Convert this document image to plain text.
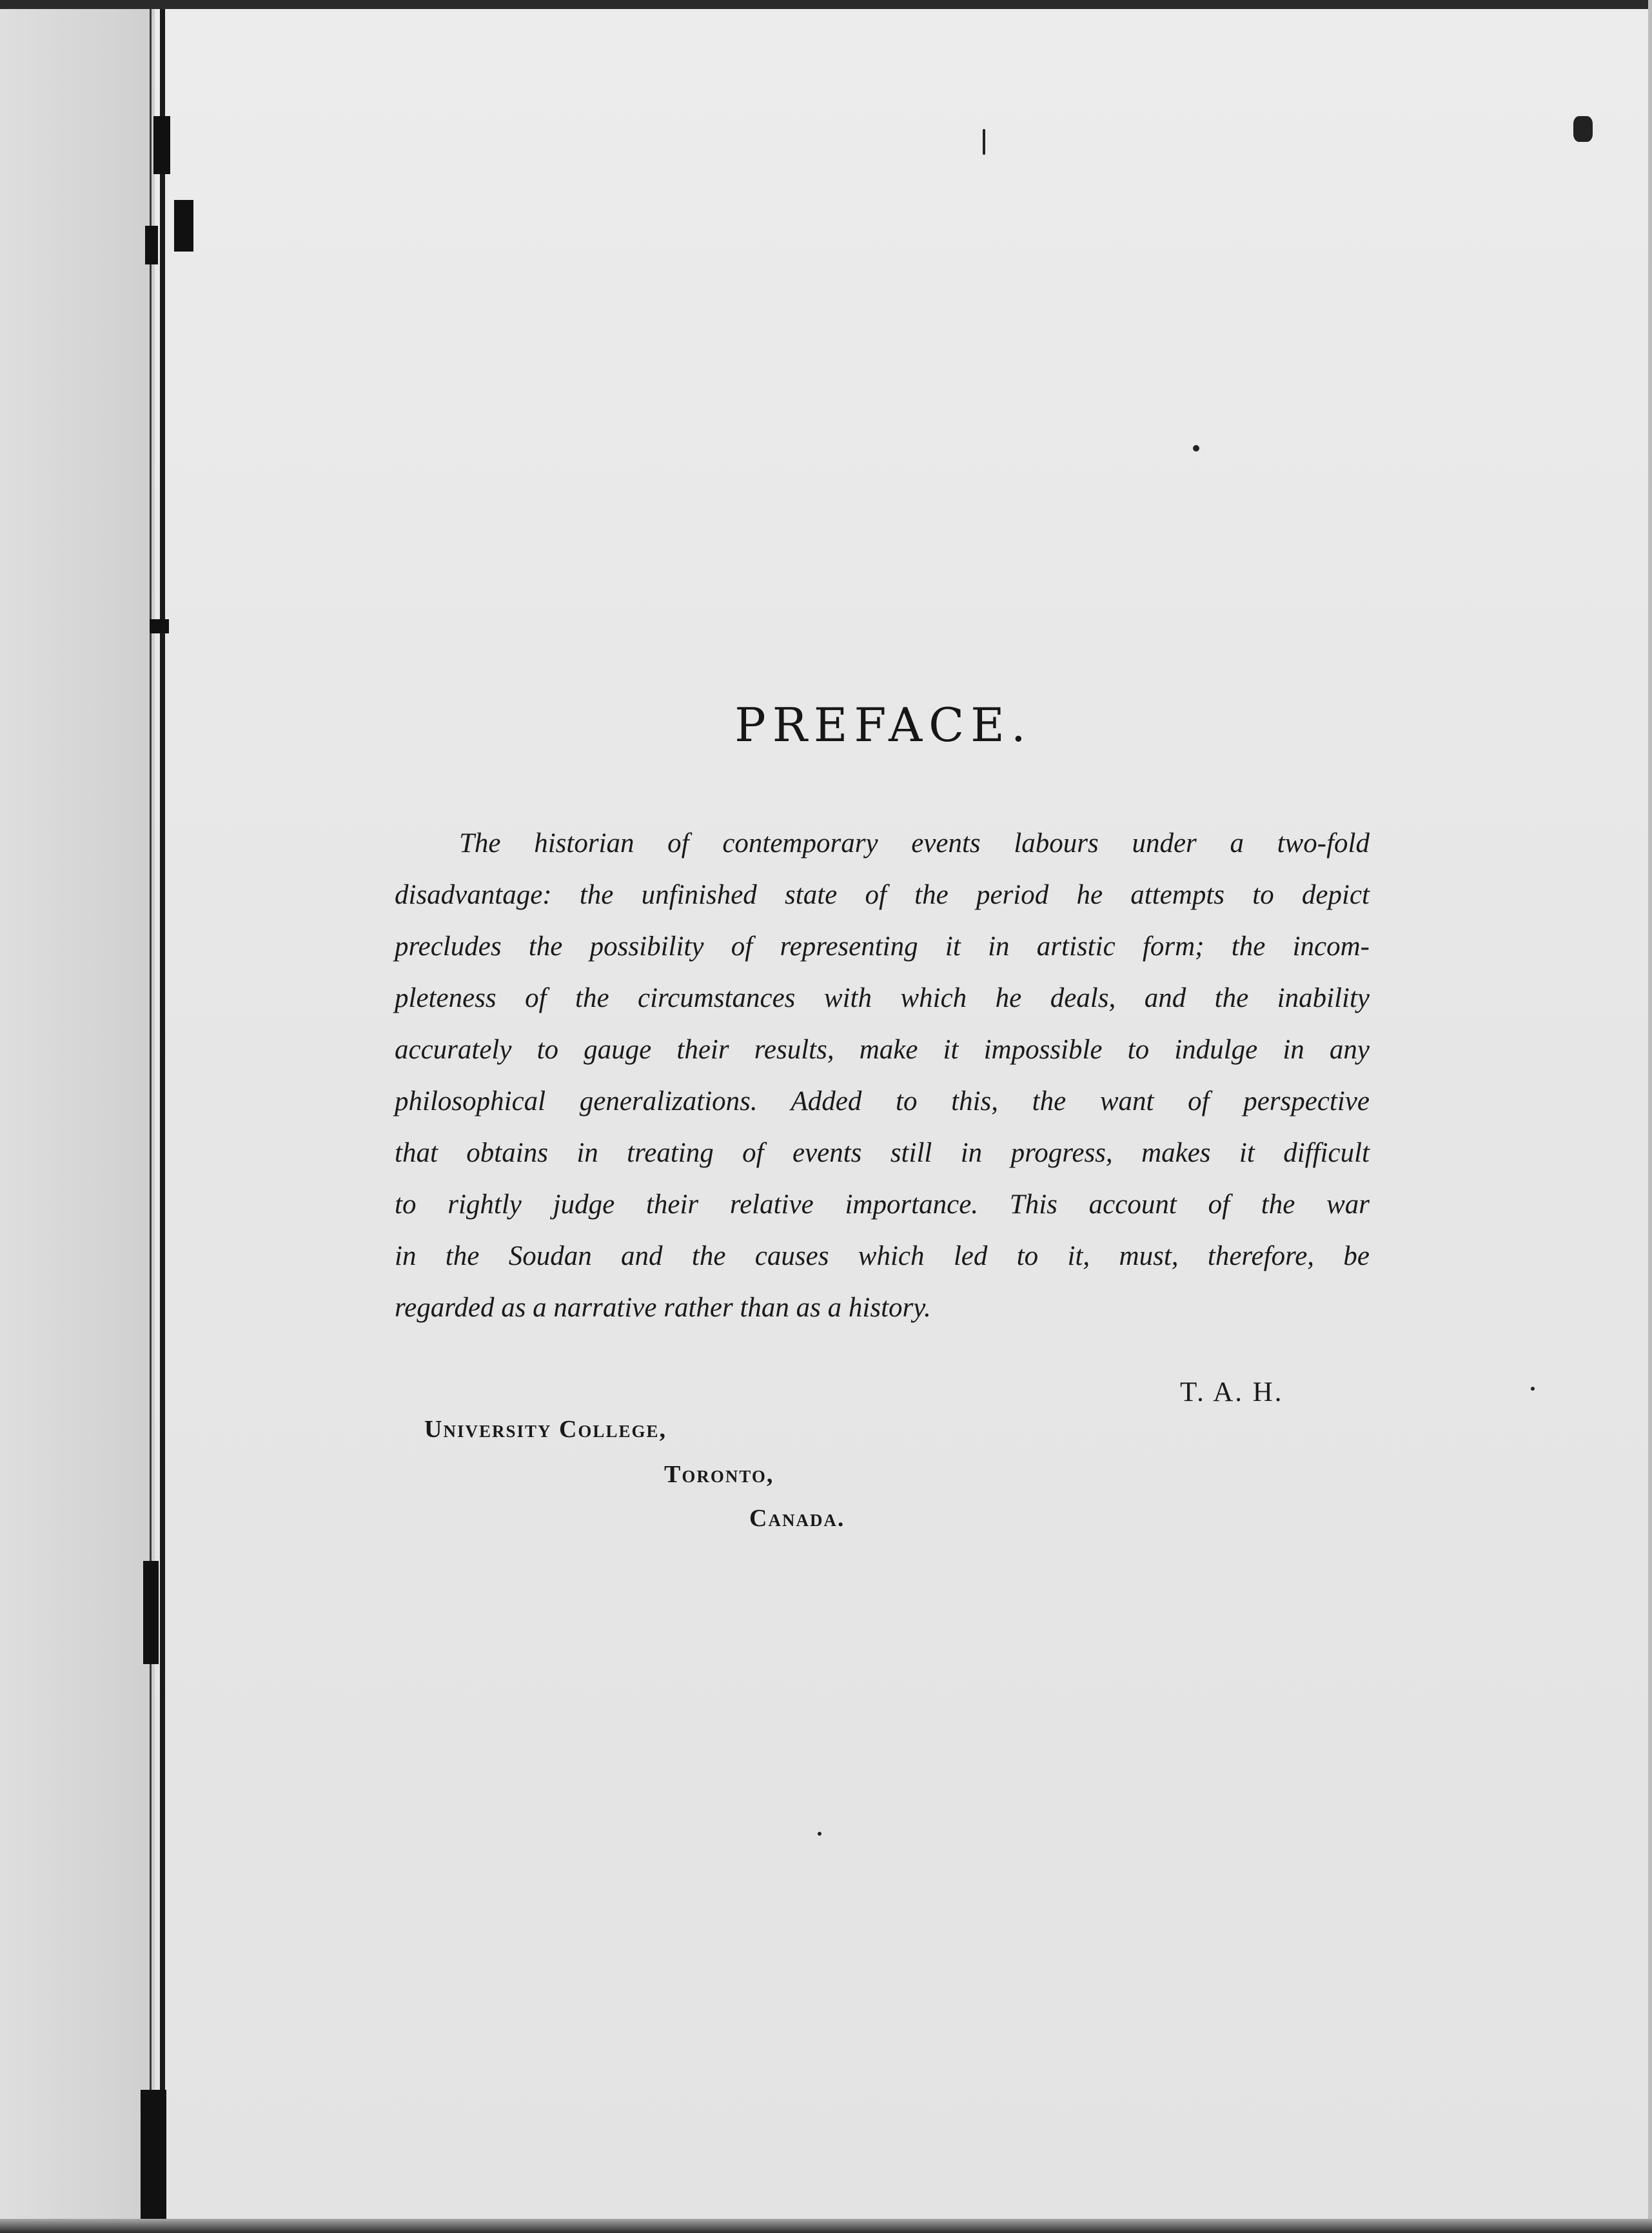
PREFACE.
The historian of contemporary events labours under a two-fold
disadvantage: the unfinished state of the period he attempts to depict
precludes the possibility of representing it in artistic form; the incom-
pleteness of the circumstances with which he deals, and the inability
accurately to gauge their results, make it impossible to indulge in any
philosophical generalizations. Added to this, the want of perspective
that obtains in treating of events still in progress, makes it difficult
to rightly judge their relative importance. This account of the war
in the Soudan and the causes which led to it, must, therefore, be
regarded as a narrative rather than as a history.
T. A. H.
University College,
Toronto,
Canada.
